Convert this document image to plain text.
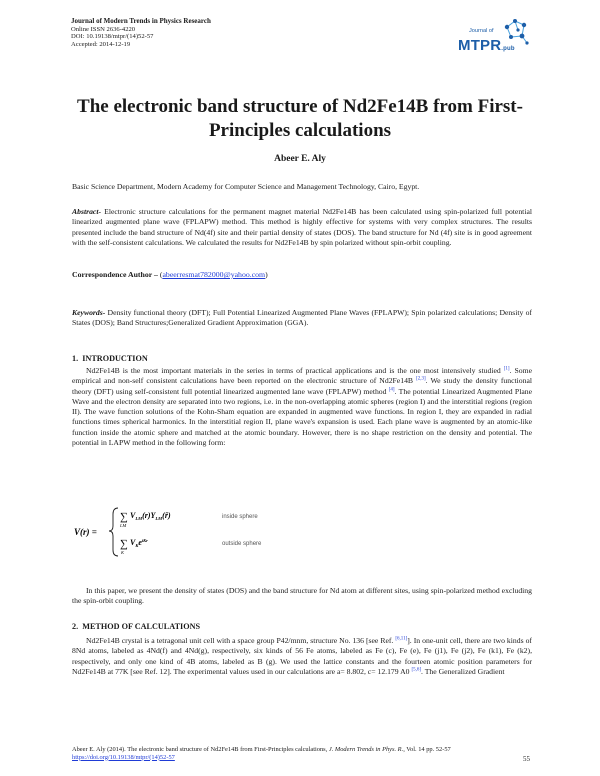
Journal of Modern Trends in Physics Research
Online ISSN 2636-4220
DOI: 10.19138/mtpr/(14)52-57
Accepted: 2014-12-19
Journal of
MTPR.pub
The electronic band structure of Nd2Fe14B from First-Principles calculations
Abeer E. Aly
Basic Science Department, Modern Academy for Computer Science and Management Technology, Cairo, Egypt.
Abstract- Electronic structure calculations for the permanent magnet material Nd2Fe14B has been calculated using spin-polarized full potential linearized augmented plane wave (FPLAPW) method. This method is highly effective for systems with very complex structures. The results presented include the band structure of Nd(4f) site and their partial density of states (DOS). The band structure for Nd (4f) site is in good agreement with the self-consistent calculations. We calculated the results for Nd2Fe14B by spin polarized without spin-orbit coupling.
Correspondence Author – (abeerresmat782000@yahoo.com)
Keywords- Density functional theory (DFT); Full Potential Linearized Augmented Plane Waves (FPLAPW); Spin polarized calculations; Density of States (DOS); Band Structures;Generalized Gradient Approximation (GGA).
1. INTRODUCTION

Nd2Fe14B is the most important materials in the series in terms of practical applications and is the one most intensively studied [1]. Some empirical and non-self consistent calculations have been reported on the electronic structure of Nd2Fe14B [2,3]. We study the density functional theory (DFT) using self-consistent full potential linearized augmented lane wave (FPLAPW) method [4]. The potential Linearized Augmented Plane Wave and the electron density are separated into two regions, i.e. in the non-overlapping atomic spheres (region I) and the interstitial regions (region II). The wave function solutions of the Kohn-Sham equation are expanded in augmented wave functions. In region I, they are expanded in radial functions times spherical harmonics. In the interstitial region II, plane wave's expansion is used. Each plane wave is augmented by an atomic-like function inside the atomic sphere and matched at the atomic boundary. However, there is no shape restriction on the density and potential. The potential in LAPW method in the following form:

V(r) =
∑
LM
$V_{LM}(r)Y_{LM}(r̂)$
∑
K
$V_Ke^{iKr}$
inside sphere
outside sphere

In this paper, we present the density of states (DOS) and the band structure for Nd atom at different sites, using spin-polarized method excluding the spin-orbit coupling.

2. METHOD OF CALCULATIONS

Nd2Fe14B crystal is a tetragonal unit cell with a space group P42/mnm, structure No. 136 [see Ref. [6,11]]. In one-unit cell, there are two kinds of 8Nd atoms, labeled as 4Nd(f) and 4Nd(g), respectively, six kinds of 56 Fe atoms, labeled as Fe (c), Fe (e), Fe (j1), Fe (j2), Fe (k1), Fe (k2), respectively, and only one kind of 4B atoms, labeled as B (g). We used the lattice constants and the fourteen atomic position parameters for Nd2Fe14B at 77K [see Ref. 12]. The experimental values used in our calculations are a= 8.802, c= 12.179 A0 [5,6]. The Generalized Gradient

Abeer E. Aly (2014). The electronic band structure of Nd2Fe14B from First-Principles calculations, J. Modern Trends in Phys. R., Vol. 14 pp. 52-57
https://doi.org/10.19138/mtpr/(14)52-57	55
